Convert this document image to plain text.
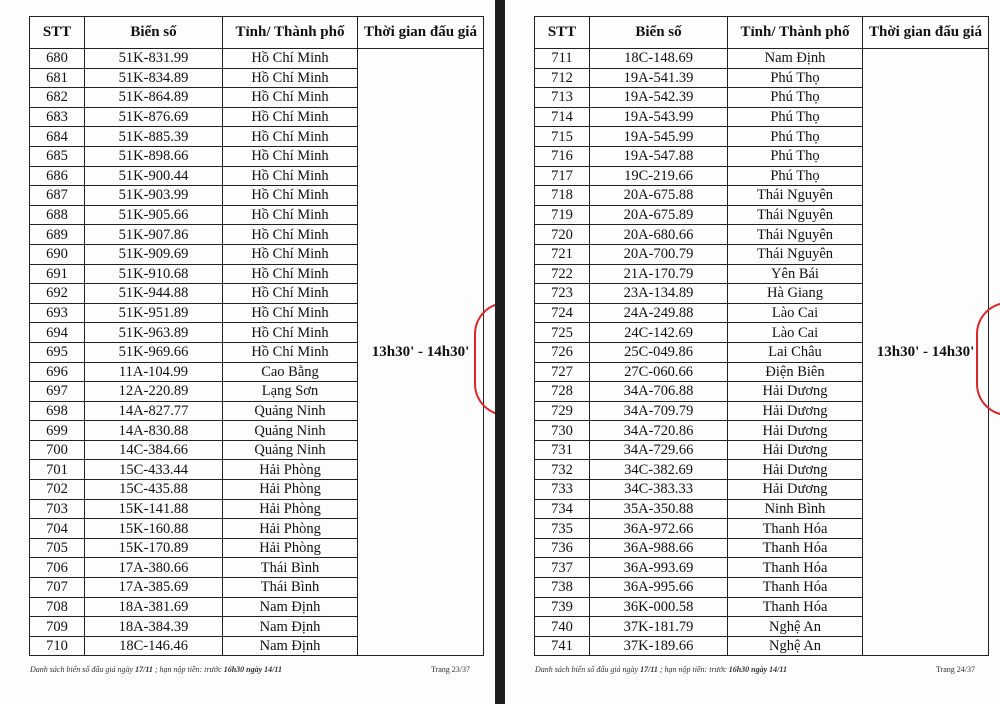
STT	Biển số	Tỉnh/ Thành phố	Thời gian đấu giá
680	51K-831.99	Hồ Chí Minh	13h30' - 14h30'
681	51K-834.89	Hồ Chí Minh	
682	51K-864.89	Hồ Chí Minh	
683	51K-876.69	Hồ Chí Minh	
684	51K-885.39	Hồ Chí Minh	
685	51K-898.66	Hồ Chí Minh	
686	51K-900.44	Hồ Chí Minh	
687	51K-903.99	Hồ Chí Minh	
688	51K-905.66	Hồ Chí Minh	
689	51K-907.86	Hồ Chí Minh	
690	51K-909.69	Hồ Chí Minh	
691	51K-910.68	Hồ Chí Minh	
692	51K-944.88	Hồ Chí Minh	
693	51K-951.89	Hồ Chí Minh	
694	51K-963.89	Hồ Chí Minh	
695	51K-969.66	Hồ Chí Minh	
696	11A-104.99	Cao Bằng	
697	12A-220.89	Lạng Sơn	
698	14A-827.77	Quảng Ninh	
699	14A-830.88	Quảng Ninh	
700	14C-384.66	Quảng Ninh	
701	15C-433.44	Hải Phòng	
702	15C-435.88	Hải Phòng	
703	15K-141.88	Hải Phòng	
704	15K-160.88	Hải Phòng	
705	15K-170.89	Hải Phòng	
706	17A-380.66	Thái Bình	
707	17A-385.69	Thái Bình	
708	18A-381.69	Nam Định	
709	18A-384.39	Nam Định	
710	18C-146.46	Nam Định	
Danh sách biển số đấu giá ngày 17/11 ; hạn nộp tiền: trước 16h30 ngày 14/11	Trang 23/37
STT	Biển số	Tỉnh/ Thành phố	Thời gian đấu giá
711	18C-148.69	Nam Định	13h30' - 14h30'
712	19A-541.39	Phú Thọ	
713	19A-542.39	Phú Thọ	
714	19A-543.99	Phú Thọ	
715	19A-545.99	Phú Thọ	
716	19A-547.88	Phú Thọ	
717	19C-219.66	Phú Thọ	
718	20A-675.88	Thái Nguyên	
719	20A-675.89	Thái Nguyên	
720	20A-680.66	Thái Nguyên	
721	20A-700.79	Thái Nguyên	
722	21A-170.79	Yên Bái	
723	23A-134.89	Hà Giang	
724	24A-249.88	Lào Cai	
725	24C-142.69	Lào Cai	
726	25C-049.86	Lai Châu	
727	27C-060.66	Điện Biên	
728	34A-706.88	Hải Dương	
729	34A-709.79	Hải Dương	
730	34A-720.86	Hải Dương	
731	34A-729.66	Hải Dương	
732	34C-382.69	Hải Dương	
733	34C-383.33	Hải Dương	
734	35A-350.88	Ninh Bình	
735	36A-972.66	Thanh Hóa	
736	36A-988.66	Thanh Hóa	
737	36A-993.69	Thanh Hóa	
738	36A-995.66	Thanh Hóa	
739	36K-000.58	Thanh Hóa	
740	37K-181.79	Nghệ An	
741	37K-189.66	Nghệ An	
Danh sách biển số đấu giá ngày 17/11 ; hạn nộp tiền: trước 16h30 ngày 14/11	Trang 24/37
